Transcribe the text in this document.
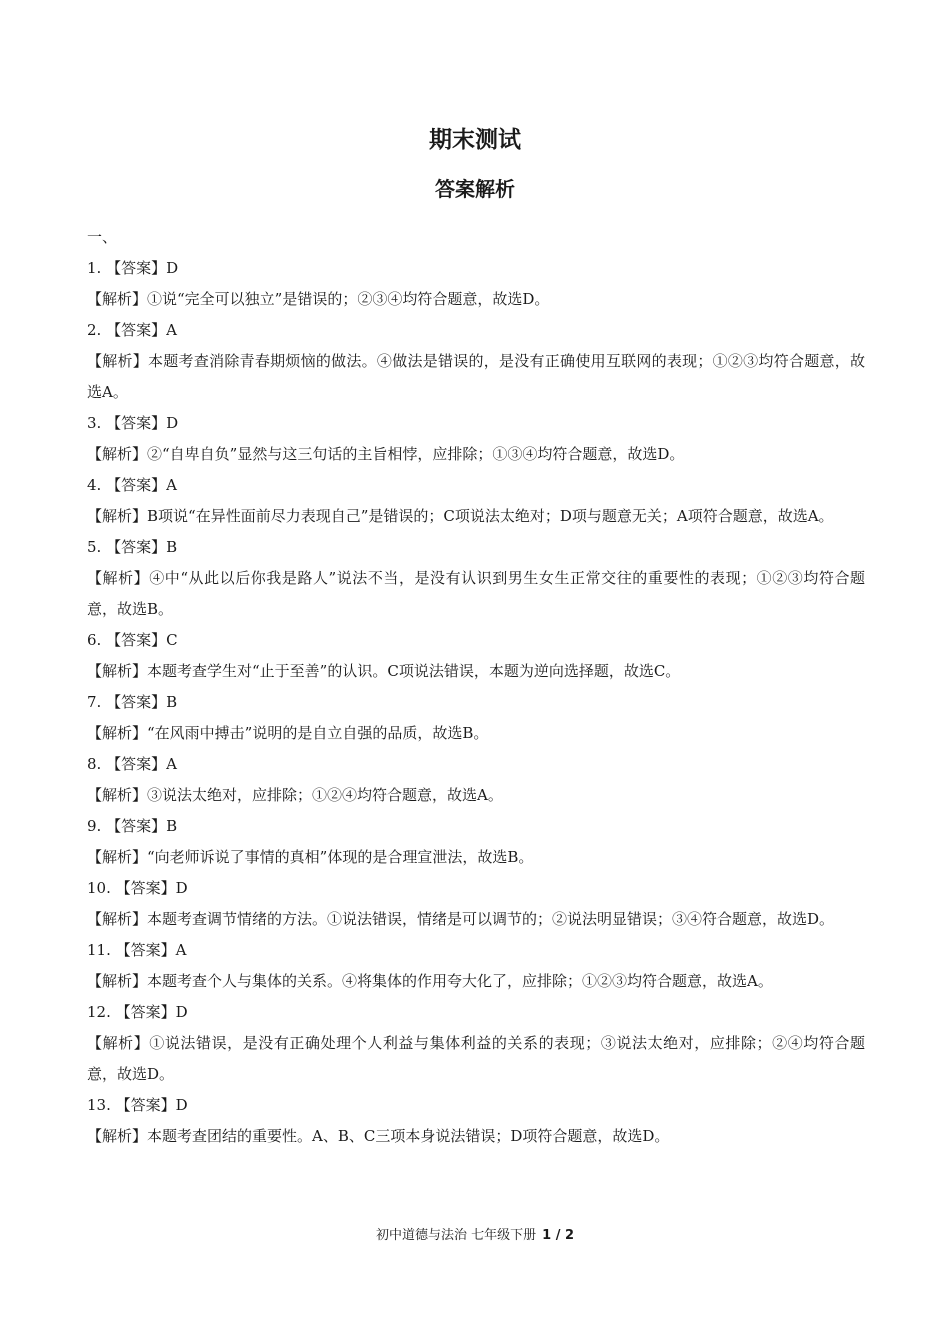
期末测试
答案解析

一、

1. 【答案】D

【解析】①说“完全可以独立”是错误的；②③④均符合题意，故选D。

2. 【答案】A

【解析】本题考查消除青春期烦恼的做法。④做法是错误的，是没有正确使用互联网的表现；①②③均符合题意，故选A。

3. 【答案】D

【解析】②“自卑自负”显然与这三句话的主旨相悖，应排除；①③④均符合题意，故选D。

4. 【答案】A

【解析】B项说“在异性面前尽力表现自己”是错误的；C项说法太绝对；D项与题意无关；A项符合题意，故选A。

5. 【答案】B

【解析】④中“从此以后你我是路人”说法不当，是没有认识到男生女生正常交往的重要性的表现；①②③均符合题意，故选B。

6. 【答案】C

【解析】本题考查学生对“止于至善”的认识。C项说法错误，本题为逆向选择题，故选C。

7. 【答案】B

【解析】“在风雨中搏击”说明的是自立自强的品质，故选B。

8. 【答案】A

【解析】③说法太绝对，应排除；①②④均符合题意，故选A。

9. 【答案】B

【解析】“向老师诉说了事情的真相”体现的是合理宣泄法，故选B。

10. 【答案】D

【解析】本题考查调节情绪的方法。①说法错误，情绪是可以调节的；②说法明显错误；③④符合题意，故选D。

11. 【答案】A

【解析】本题考查个人与集体的关系。④将集体的作用夸大化了，应排除；①②③均符合题意，故选A。

12. 【答案】D

【解析】①说法错误，是没有正确处理个人利益与集体利益的关系的表现；③说法太绝对，应排除；②④均符合题意，故选D。

13. 【答案】D

【解析】本题考查团结的重要性。A、B、C三项本身说法错误；D项符合题意，故选D。

初中道德与法治 七年级下册 1 / 2
